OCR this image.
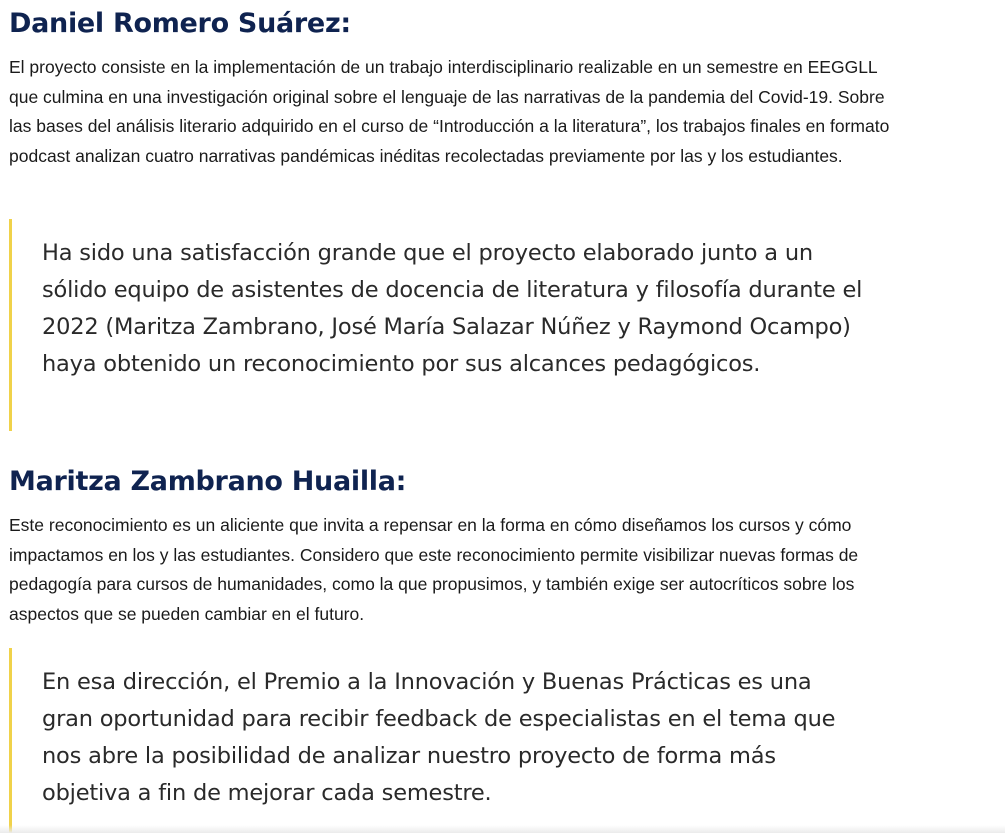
Daniel Romero Suárez:

El proyecto consiste en la implementación de un trabajo interdisciplinario realizable en un semestre en EEGGLL que culmina en una investigación original sobre el lenguaje de las narrativas de la pandemia del Covid-19. Sobre las bases del análisis literario adquirido en el curso de “Introducción a la literatura”, los trabajos finales en formato podcast analizan cuatro narrativas pandémicas inéditas recolectadas previamente por las y los estudiantes.

Ha sido una satisfacción grande que el proyecto elaborado junto a un sólido equipo de asistentes de docencia de literatura y filosofía durante el 2022 (Maritza Zambrano, José María Salazar Núñez y Raymond Ocampo) haya obtenido un reconocimiento por sus alcances pedagógicos.

Maritza Zambrano Huailla:

Este reconocimiento es un aliciente que invita a repensar en la forma en cómo diseñamos los cursos y cómo impactamos en los y las estudiantes. Considero que este reconocimiento permite visibilizar nuevas formas de pedagogía para cursos de humanidades, como la que propusimos, y también exige ser autocríticos sobre los aspectos que se pueden cambiar en el futuro.

En esa dirección, el Premio a la Innovación y Buenas Prácticas es una gran oportunidad para recibir feedback de especialistas en el tema que nos abre la posibilidad de analizar nuestro proyecto de forma más objetiva a fin de mejorar cada semestre.
